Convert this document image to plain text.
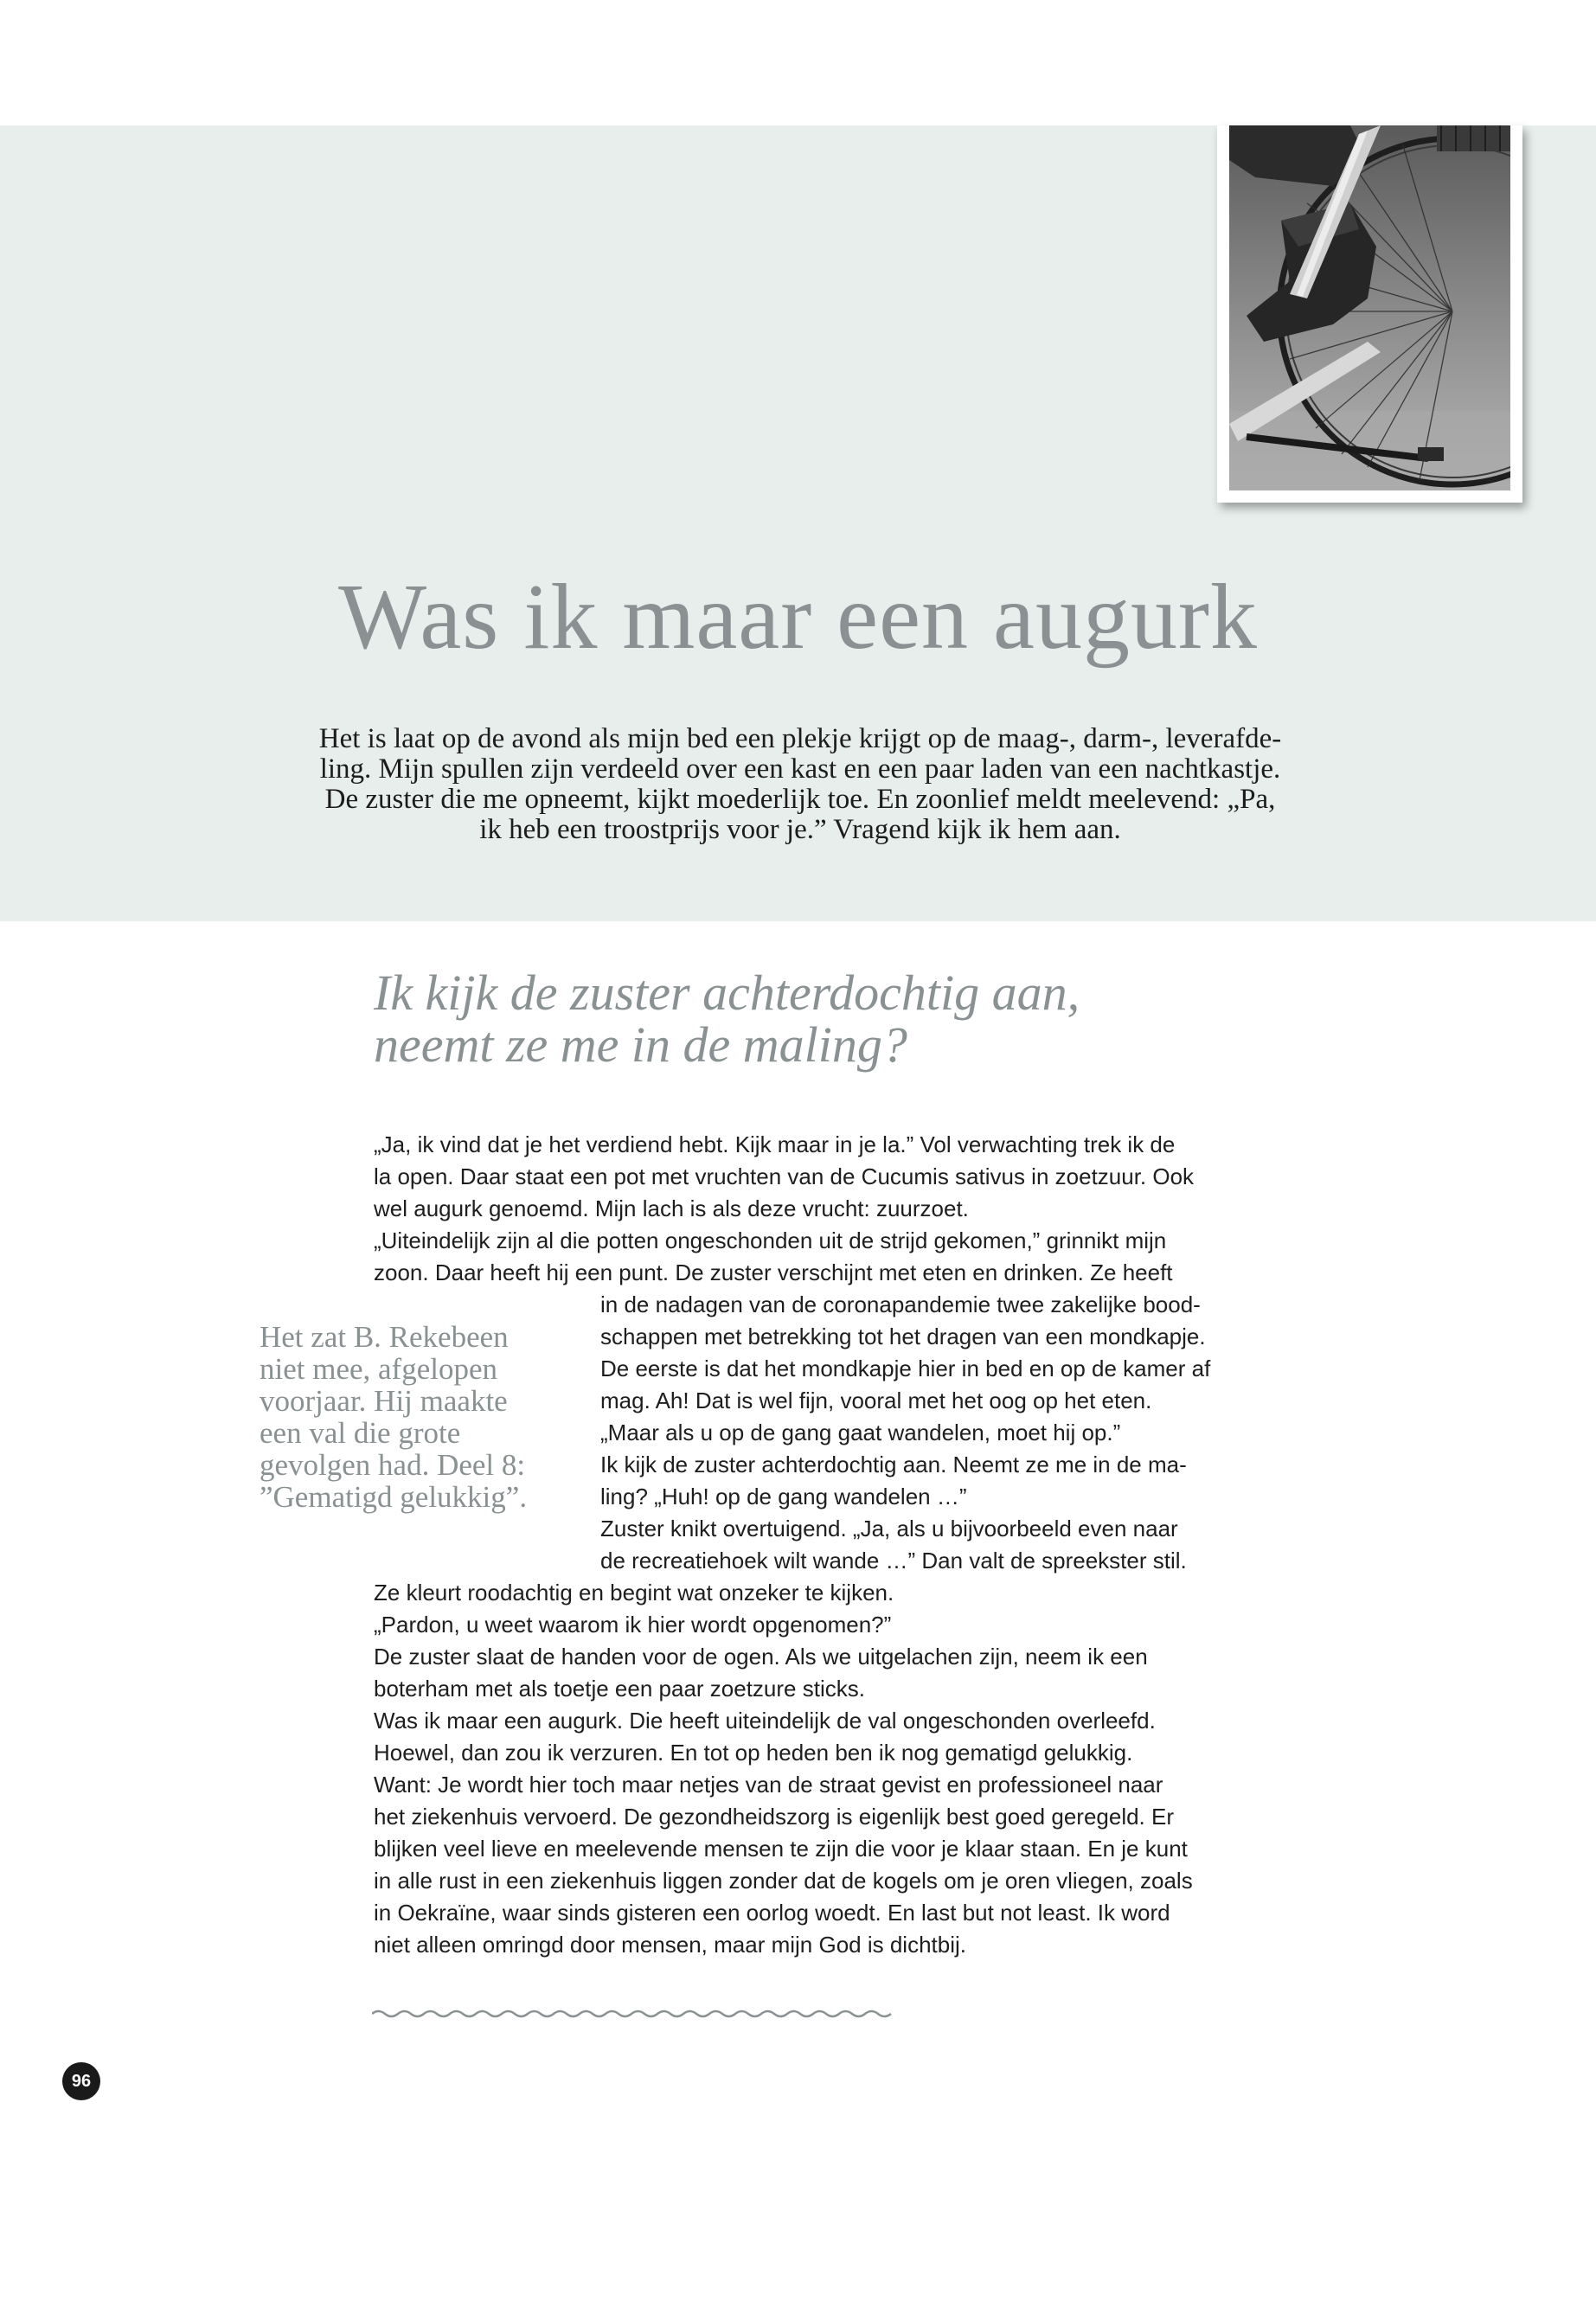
Was ik maar een augurk
Het is laat op de avond als mijn bed een plekje krijgt op de maag-, darm-, leverafde-
ling. Mijn spullen zijn verdeeld over een kast en een paar laden van een nachtkastje.
De zuster die me opneemt, kijkt moederlijk toe. En zoonlief meldt meelevend: „Pa,
ik heb een troostprijs voor je.” Vragend kijk ik hem aan.
Ik kijk de zuster achterdochtig aan,
neemt ze me in de maling?
„Ja, ik vind dat je het verdiend hebt. Kijk maar in je la.” Vol verwachting trek ik de
la open. Daar staat een pot met vruchten van de Cucumis sativus in zoetzuur. Ook
wel augurk genoemd. Mijn lach is als deze vrucht: zuurzoet.
„Uiteindelijk zijn al die potten ongeschonden uit de strijd gekomen,” grinnikt mijn
zoon. Daar heeft hij een punt. De zuster verschijnt met eten en drinken. Ze heeft
in de nadagen van de coronapandemie twee zakelijke bood-
schappen met betrekking tot het dragen van een mondkapje.
De eerste is dat het mondkapje hier in bed en op de kamer af
mag. Ah! Dat is wel fijn, vooral met het oog op het eten.
„Maar als u op de gang gaat wandelen, moet hij op.”
Ik kijk de zuster achterdochtig aan. Neemt ze me in de ma-
ling? „Huh! op de gang wandelen …”
Zuster knikt overtuigend. „Ja, als u bijvoorbeeld even naar
de recreatiehoek wilt wande …” Dan valt de spreekster stil.
Ze kleurt roodachtig en begint wat onzeker te kijken.
„Pardon, u weet waarom ik hier wordt opgenomen?”
De zuster slaat de handen voor de ogen. Als we uitgelachen zijn, neem ik een
boterham met als toetje een paar zoetzure sticks.
Was ik maar een augurk. Die heeft uiteindelijk de val ongeschonden overleefd.
Hoewel, dan zou ik verzuren. En tot op heden ben ik nog gematigd gelukkig.
Want: Je wordt hier toch maar netjes van de straat gevist en professioneel naar
het ziekenhuis vervoerd. De gezondheidszorg is eigenlijk best goed geregeld. Er
blijken veel lieve en meelevende mensen te zijn die voor je klaar staan. En je kunt
in alle rust in een ziekenhuis liggen zonder dat de kogels om je oren vliegen, zoals
in Oekraïne, waar sinds gisteren een oorlog woedt. En last but not least. Ik word
niet alleen omringd door mensen, maar mijn God is dichtbij.
Het zat B. Rekebeen
niet mee, afgelopen
voorjaar. Hij maakte
een val die grote
gevolgen had. Deel 8:
”Gematigd gelukkig”.
96
